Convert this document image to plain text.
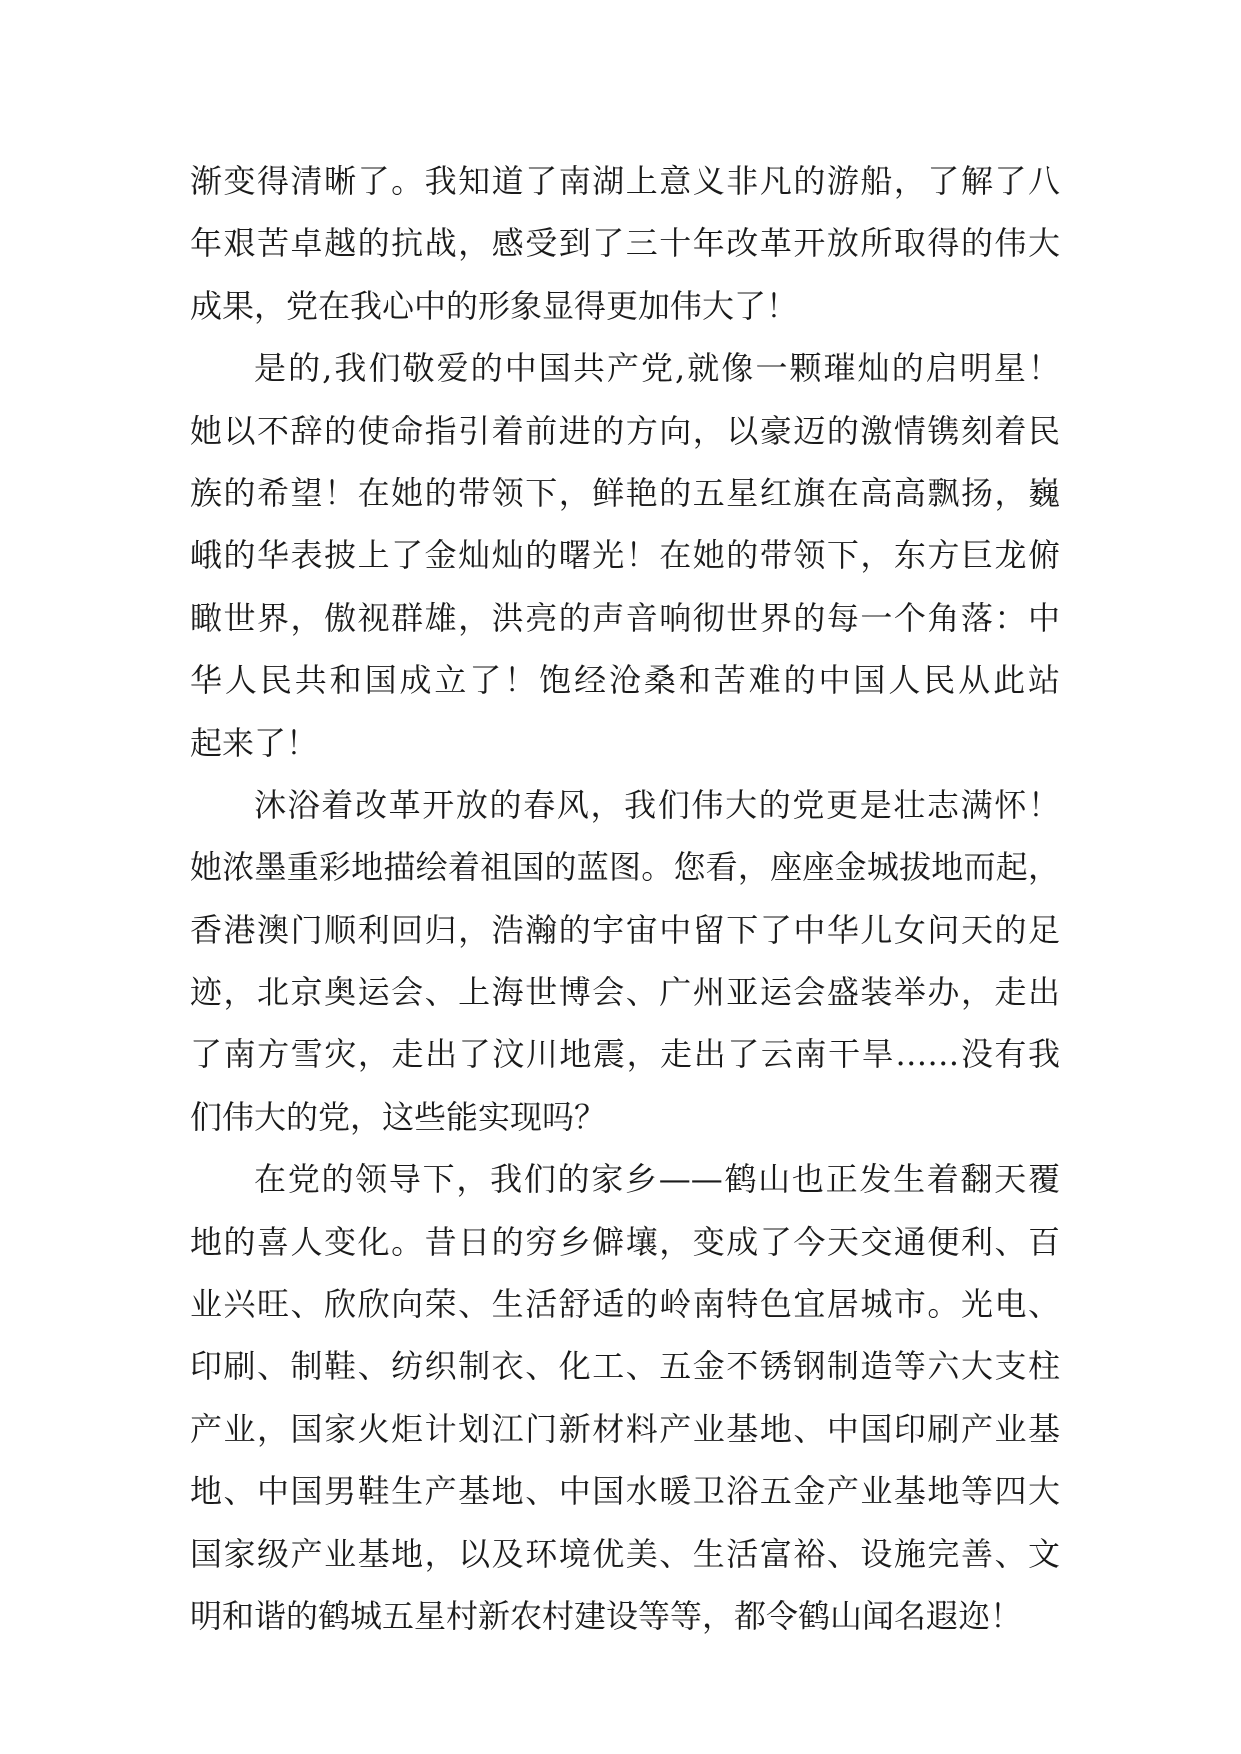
渐变得清晰了。我知道了南湖上意义非凡的游船，了解了八
年艰苦卓越的抗战，感受到了三十年改革开放所取得的伟大
成果，党在我心中的形象显得更加伟大了！
是的,我们敬爱的中国共产党,就像一颗璀灿的启明星！
她以不辞的使命指引着前进的方向，以豪迈的激情镌刻着民
族的希望！在她的带领下，鲜艳的五星红旗在高高飘扬，巍
峨的华表披上了金灿灿的曙光！在她的带领下，东方巨龙俯
瞰世界，傲视群雄，洪亮的声音响彻世界的每一个角落：中
华人民共和国成立了！饱经沧桑和苦难的中国人民从此站
起来了！
沐浴着改革开放的春风，我们伟大的党更是壮志满怀！
她浓墨重彩地描绘着祖国的蓝图。您看，座座金城拔地而起，
香港澳门顺利回归，浩瀚的宇宙中留下了中华儿女问天的足
迹，北京奥运会、上海世博会、广州亚运会盛装举办，走出
了南方雪灾，走出了汶川地震，走出了云南干旱……没有我
们伟大的党，这些能实现吗？
在党的领导下，我们的家乡——鹤山也正发生着翻天覆
地的喜人变化。昔日的穷乡僻壤，变成了今天交通便利、百
业兴旺、欣欣向荣、生活舒适的岭南特色宜居城市。光电、
印刷、制鞋、纺织制衣、化工、五金不锈钢制造等六大支柱
产业，国家火炬计划江门新材料产业基地、中国印刷产业基
地、中国男鞋生产基地、中国水暖卫浴五金产业基地等四大
国家级产业基地，以及环境优美、生活富裕、设施完善、文
明和谐的鹤城五星村新农村建设等等，都令鹤山闻名遐迩！
